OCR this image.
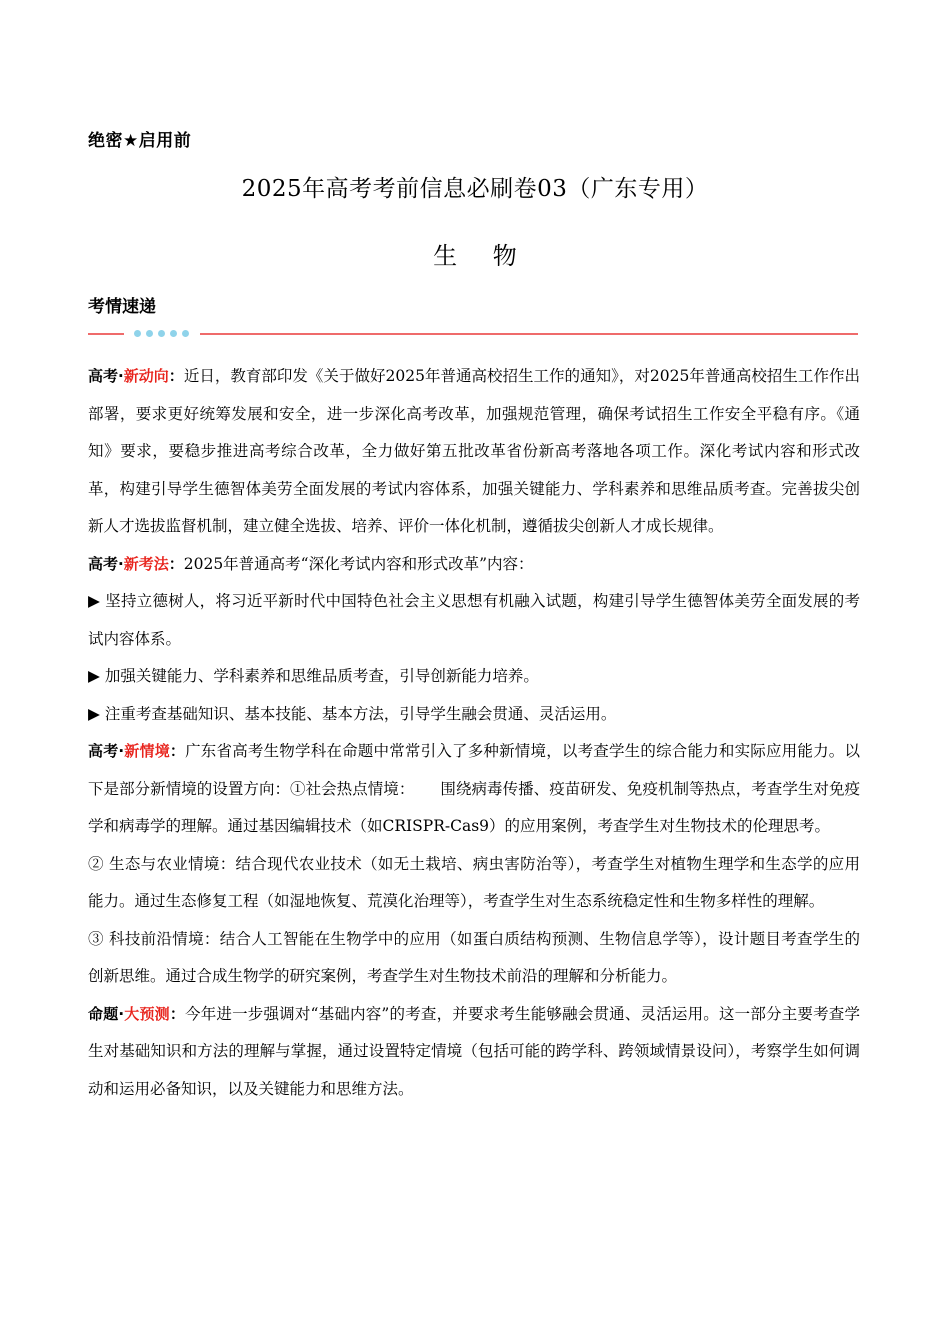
绝密★启用前
2025年高考考前信息必刷卷03（广东专用）
生 物
考情速递

高考·新动向：近日，教育部印发《关于做好2025年普通高校招生工作的通知》，对2025年普通高校招生工作作出部署，要求更好统筹发展和安全，进一步深化高考改革，加强规范管理，确保考试招生工作安全平稳有序。《通知》要求，要稳步推进高考综合改革，全力做好第五批改革省份新高考落地各项工作。深化考试内容和形式改革，构建引导学生德智体美劳全面发展的考试内容体系，加强关键能力、学科素养和思维品质考查。完善拔尖创新人才选拔监督机制，建立健全选拔、培养、评价一体化机制，遵循拔尖创新人才成长规律。

高考·新考法：2025年普通高考“深化考试内容和形式改革”内容：

▶ 坚持立德树人，将习近平新时代中国特色社会主义思想有机融入试题，构建引导学生德智体美劳全面发展的考试内容体系。

▶ 加强关键能力、学科素养和思维品质考查，引导创新能力培养。

▶ 注重考查基础知识、基本技能、基本方法，引导学生融会贯通、灵活运用。

高考·新情境：广东省高考生物学科在命题中常常引入了多种新情境，以考查学生的综合能力和实际应用能力。以下是部分新情境的设置方向：①社会热点情境： 围绕病毒传播、疫苗研发、免疫机制等热点，考查学生对免疫学和病毒学的理解。通过基因编辑技术（如CRISPR-Cas9）的应用案例，考查学生对生物技术的伦理思考。

② 生态与农业情境：结合现代农业技术（如无土栽培、病虫害防治等），考查学生对植物生理学和生态学的应用能力。通过生态修复工程（如湿地恢复、荒漠化治理等），考查学生对生态系统稳定性和生物多样性的理解。

③ 科技前沿情境：结合人工智能在生物学中的应用（如蛋白质结构预测、生物信息学等），设计题目考查学生的创新思维。通过合成生物学的研究案例，考查学生对生物技术前沿的理解和分析能力。

命题·大预测：今年进一步强调对“基础内容”的考查，并要求考生能够融会贯通、灵活运用。这一部分主要考查学生对基础知识和方法的理解与掌握，通过设置特定情境（包括可能的跨学科、跨领域情景设问），考察学生如何调动和运用必备知识，以及关键能力和思维方法。
